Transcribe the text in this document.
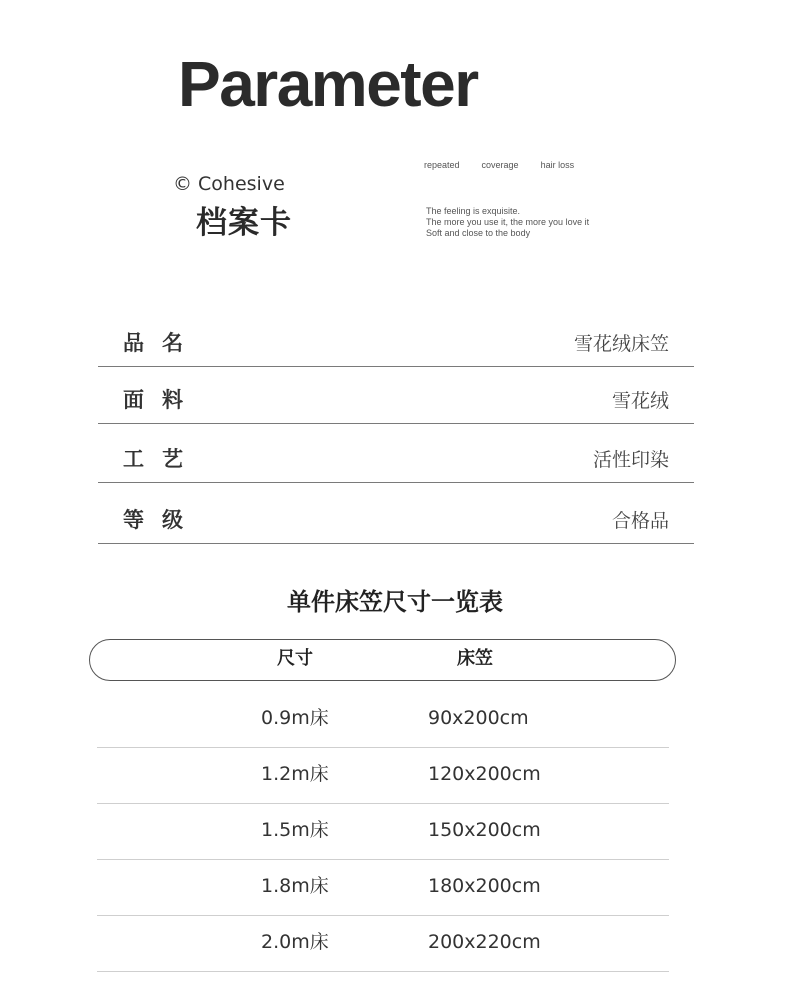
Parameter
© Cohesive
档案卡
repeated coverage hair loss
The feeling is exquisite.
The more you use it, the more you love it
Soft and close to the body
品名	雪花绒床笠
面料	雪花绒
工艺	活性印染
等级	合格品
单件床笠尺寸一览表
尺寸	床笠
0.9m床	90x200cm
1.2m床	120x200cm
1.5m床	150x200cm
1.8m床	180x200cm
2.0m床	200x220cm
